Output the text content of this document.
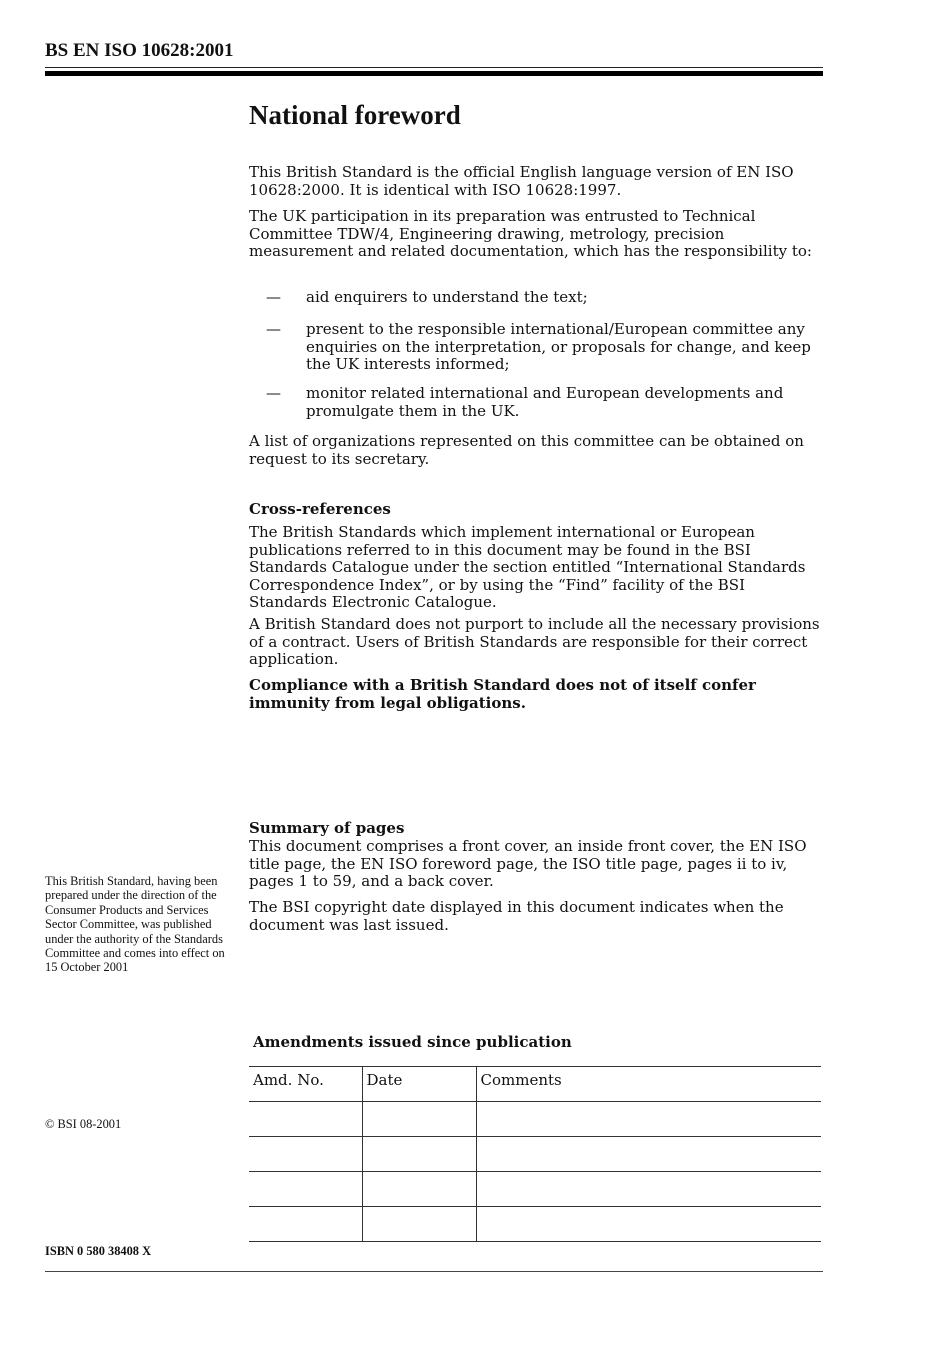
BS EN ISO 10628:2001
National foreword
This British Standard is the official English language version of EN ISO 10628:2000. It is identical with ISO 10628:1997.
The UK participation in its preparation was entrusted to Technical Committee TDW/4, Engineering drawing, metrology, precision measurement and related documentation, which has the responsibility to:
— aid enquirers to understand the text;
— present to the responsible international/European committee any enquiries on the interpretation, or proposals for change, and keep the UK interests informed;
— monitor related international and European developments and promulgate them in the UK.
A list of organizations represented on this committee can be obtained on request to its secretary.
Cross-references
The British Standards which implement international or European publications referred to in this document may be found in the BSI Standards Catalogue under the section entitled “International Standards Correspondence Index”, or by using the “Find” facility of the BSI Standards Electronic Catalogue.
A British Standard does not purport to include all the necessary provisions of a contract. Users of British Standards are responsible for their correct application.
Compliance with a British Standard does not of itself confer immunity from legal obligations.
Summary of pages
This document comprises a front cover, an inside front cover, the EN ISO title page, the EN ISO foreword page, the ISO title page, pages ii to iv, pages 1 to 59, and a back cover.
The BSI copyright date displayed in this document indicates when the document was last issued.
This British Standard, having been prepared under the direction of the Consumer Products and Services Sector Committee, was published under the authority of the Standards Committee and comes into effect on 15 October 2001
© BSI 08-2001
Amendments issued since publication
Amd. No.	Date	Comments

ISBN 0 580 38408 X
